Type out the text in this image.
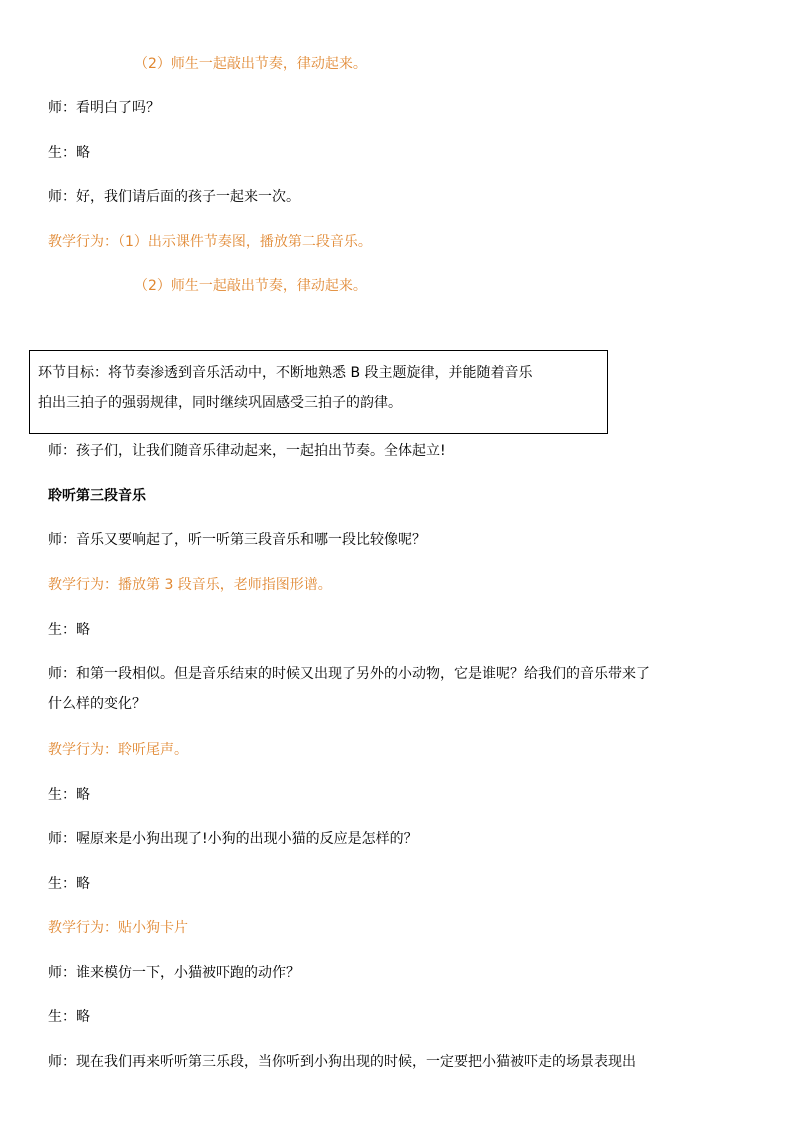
（2）师生一起敲出节奏，律动起来。
师：看明白了吗？
生：略
师：好，我们请后面的孩子一起来一次。
教学行为：（1）出示课件节奏图，播放第二段音乐。
（2）师生一起敲出节奏，律动起来。
环节目标：将节奏渗透到音乐活动中，不断地熟悉 B 段主题旋律，并能随着音乐
拍出三拍子的强弱规律，同时继续巩固感受三拍子的韵律。
师：孩子们，让我们随音乐律动起来，一起拍出节奏。全体起立!
聆听第三段音乐
师：音乐又要响起了，听一听第三段音乐和哪一段比较像呢？
教学行为：播放第 3 段音乐，老师指图形谱。
生：略
师：和第一段相似。但是音乐结束的时候又出现了另外的小动物，它是谁呢？给我们的音乐带来了
什么样的变化？
教学行为：聆听尾声。
生：略
师：喔原来是小狗出现了!小狗的出现小猫的反应是怎样的？
生：略
教学行为：贴小狗卡片
师：谁来模仿一下，小猫被吓跑的动作？
生：略
师：现在我们再来听听第三乐段，当你听到小狗出现的时候，一定要把小猫被吓走的场景表现出
